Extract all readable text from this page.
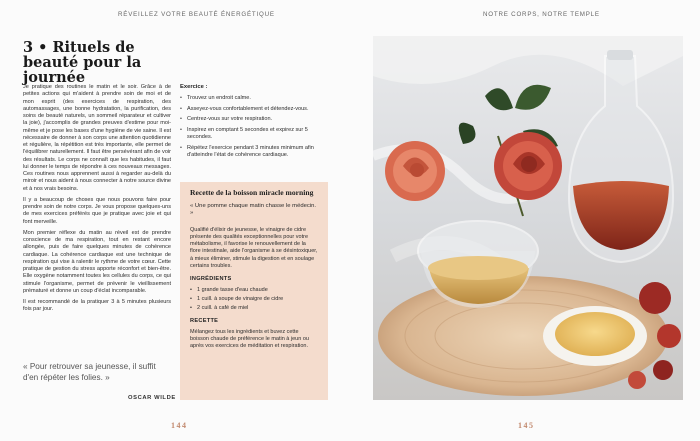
RÉVEILLEZ VOTRE BEAUTÉ ÉNERGÉTIQUE	NOTRE CORPS, NOTRE TEMPLE
3 • Rituels de beauté pour la journée

Je pratique des routines le matin et le soir. Grâce à de petites actions qui m'aident à prendre soin de moi et de mon esprit (des exercices de respiration, des automassages, une bonne hydratation, la purification, des soins de beauté naturels, un sommeil réparateur et cultiver la joie), j'accomplis de grandes preuves d'estime pour moi-même et je pose les bases d'une hygiène de vie saine. Il est nécessaire de donner à son corps une attention quotidienne et régulière, la répétition est très importante, elle permet de l'équilibrer naturellement. Il faut être persévérant afin de voir des résultats. Le corps ne connaît que les habitudes, il faut lui donner le temps de répondre à ces nouveaux messages. Ces routines nous apprennent aussi à regarder au-delà du miroir et nous aident à nous connecter à notre source divine et à nos vrais besoins.

Il y a beaucoup de choses que nous pouvons faire pour prendre soin de notre corps. Je vous propose quelques-uns de mes exercices préférés que je pratique avec joie et qui font merveille.

Mon premier réflexe du matin au réveil est de prendre conscience de ma respiration, tout en restant encore allongée, puis de faire quelques minutes de cohérence cardiaque. La cohérence cardiaque est une technique de respiration qui vise à ralentir le rythme de votre cœur. Cette pratique de gestion du stress apporte réconfort et bien-être. Elle oxygène notamment toutes les cellules du corps, ce qui stimule l'organisme, permet de prévenir le vieillissement prématuré et donne un coup d'éclat incomparable.

Il est recommandé de la pratiquer 3 à 5 minutes plusieurs fois par jour.

« Pour retrouver sa jeunesse, il suffit d'en répéter les folies. »
OSCAR WILDE
Exercice :
• Trouvez un endroit calme.
• Asseyez-vous confortablement et détendez-vous.
• Centrez-vous sur votre respiration.
• Inspirez en comptant 5 secondes et expirez sur 5 secondes.
• Répétez l'exercice pendant 3 minutes minimum afin d'atteindre l'état de cohérence cardiaque.
Recette de la boisson miracle morning

« Une pomme chaque matin chasse le médecin. »

Qualifié d'élixir de jeunesse, le vinaigre de cidre présente des qualités exceptionnelles pour votre métabolisme, il favorise le renouvellement de la flore intestinale, aide l'organisme à se désintoxiquer, à mieux éliminer, stimule la digestion et en soulage certains troubles.

INGRÉDIENTS
• 1 grande tasse d'eau chaude
• 1 cuill. à soupe de vinaigre de cidre
• 2 cuill. à café de miel
RECETTE

Mélangez tous les ingrédients et buvez cette boisson chaude de préférence le matin à jeun ou après vos exercices de méditation et respiration.

144	145
